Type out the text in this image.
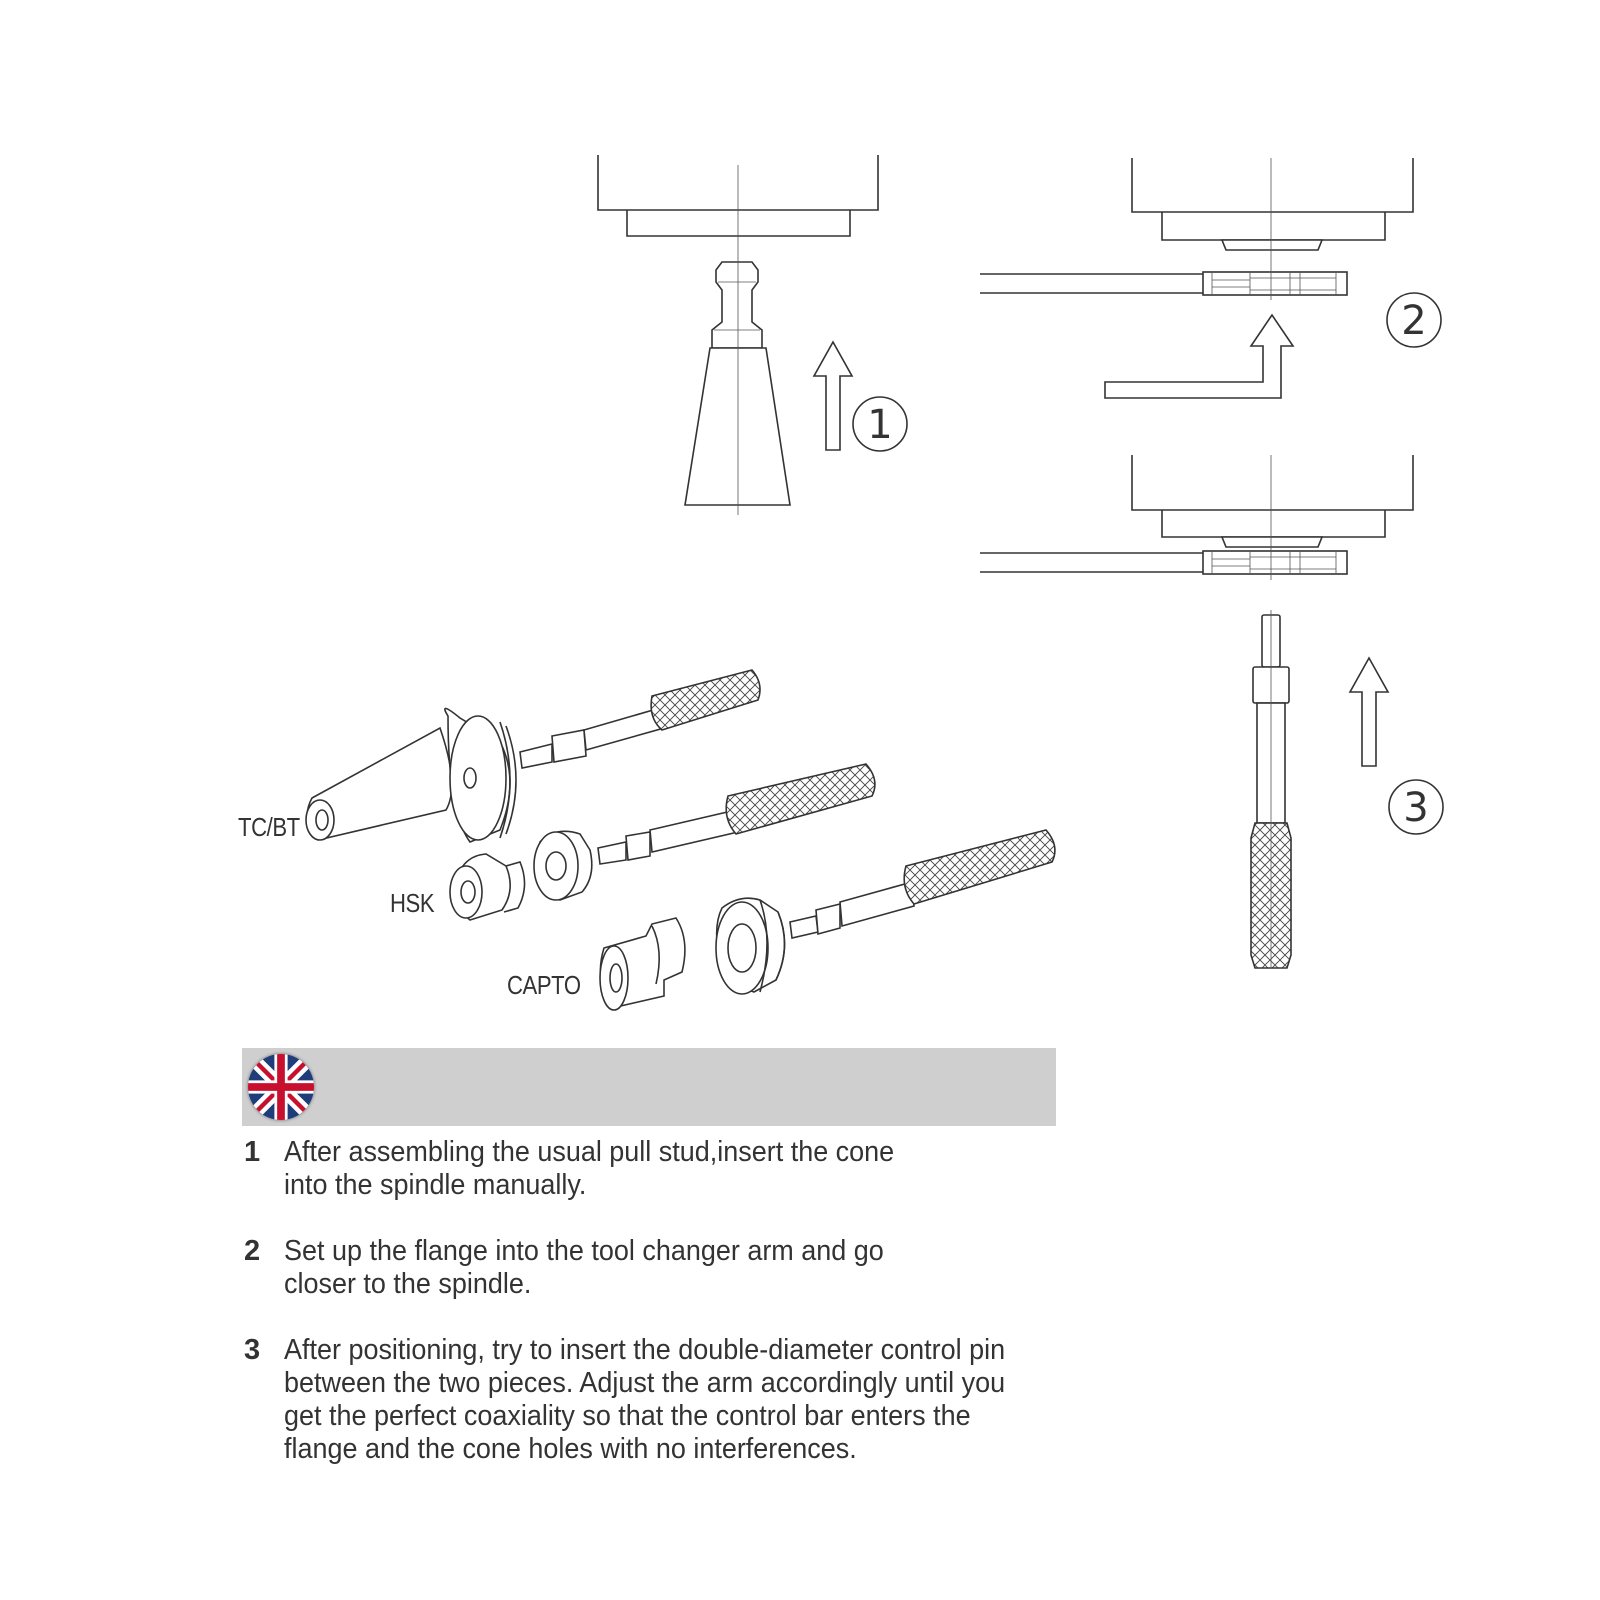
1
2
3
TC/BT
HSK
CAPTO
1 After assembling the usual pull stud,insert the cone into the spindle manually.
2 Set up the flange into the tool changer arm and go closer to the spindle.
3 After positioning, try to insert the double-diameter control pin between the two pieces. Adjust the arm accordingly until you get the perfect coaxiality so that the control bar enters the flange and the cone holes with no interferences.
